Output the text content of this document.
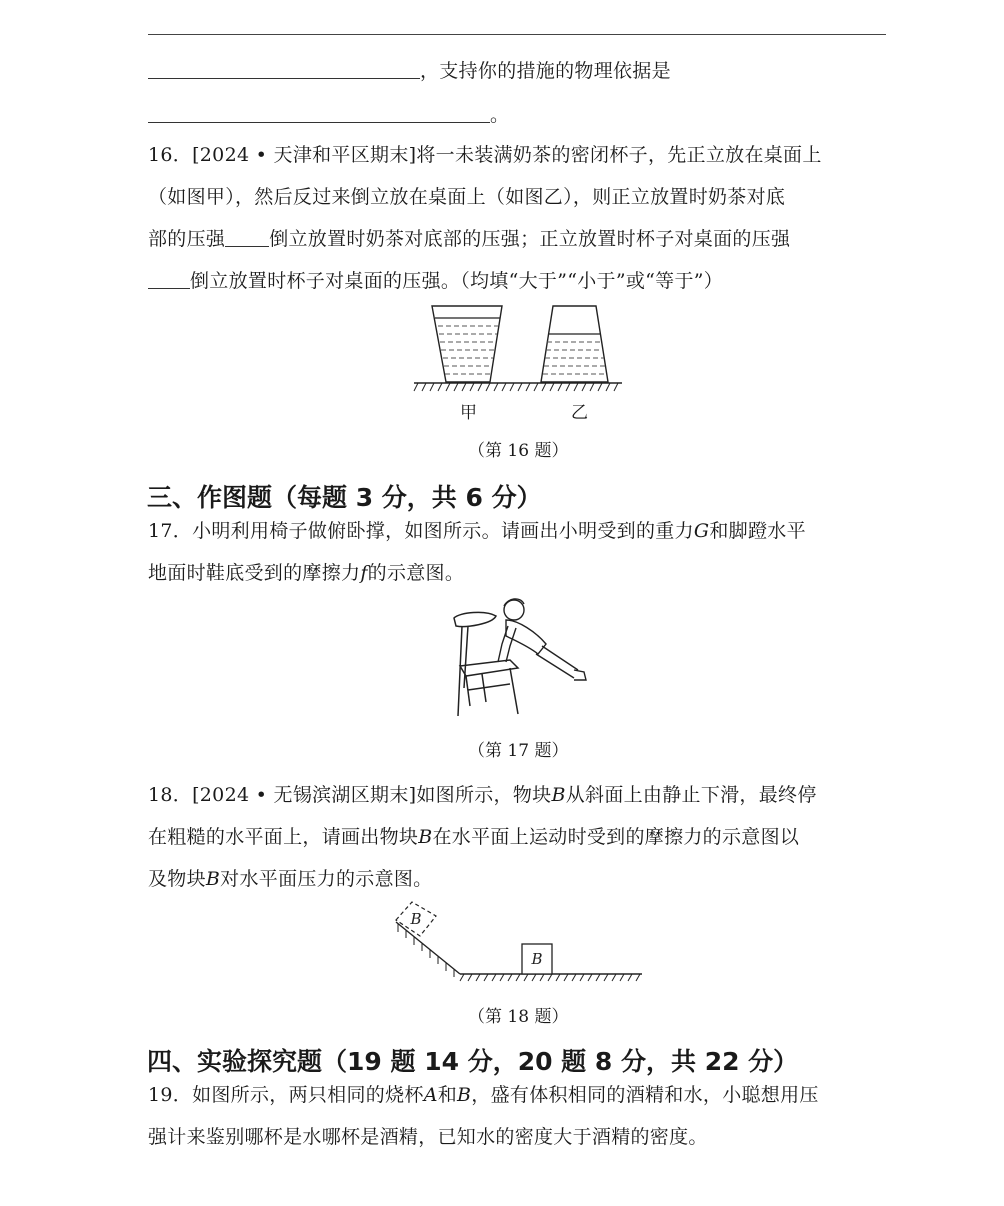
，支持你的措施的物理依据是
。
16．[2024 • 天津和平区期末]将一未装满奶茶的密闭杯子，先正立放在桌面上
（如图甲），然后反过来倒立放在桌面上（如图乙），则正立放置时奶茶对底
部的压强 倒立放置时奶茶对底部的压强；正立放置时杯子对桌面的压强
倒立放置时杯子对桌面的压强。（均填“大于”“小于”或“等于”）
甲	乙
（第 16 题）
三、作图题（每题 3 分，共 6 分）
17．小明利用椅子做俯卧撑，如图所示。请画出小明受到的重力G和脚蹬水平
地面时鞋底受到的摩擦力f的示意图。
（第 17 题）
18．[2024 • 无锡滨湖区期末]如图所示，物块B从斜面上由静止下滑，最终停
在粗糙的水平面上，请画出物块B在水平面上运动时受到的摩擦力的示意图以
及物块B对水平面压力的示意图。
B
B
（第 18 题）
四、实验探究题（19 题 14 分，20 题 8 分，共 22 分）
19．如图所示，两只相同的烧杯A和B，盛有体积相同的酒精和水，小聪想用压
强计来鉴别哪杯是水哪杯是酒精，已知水的密度大于酒精的密度。
